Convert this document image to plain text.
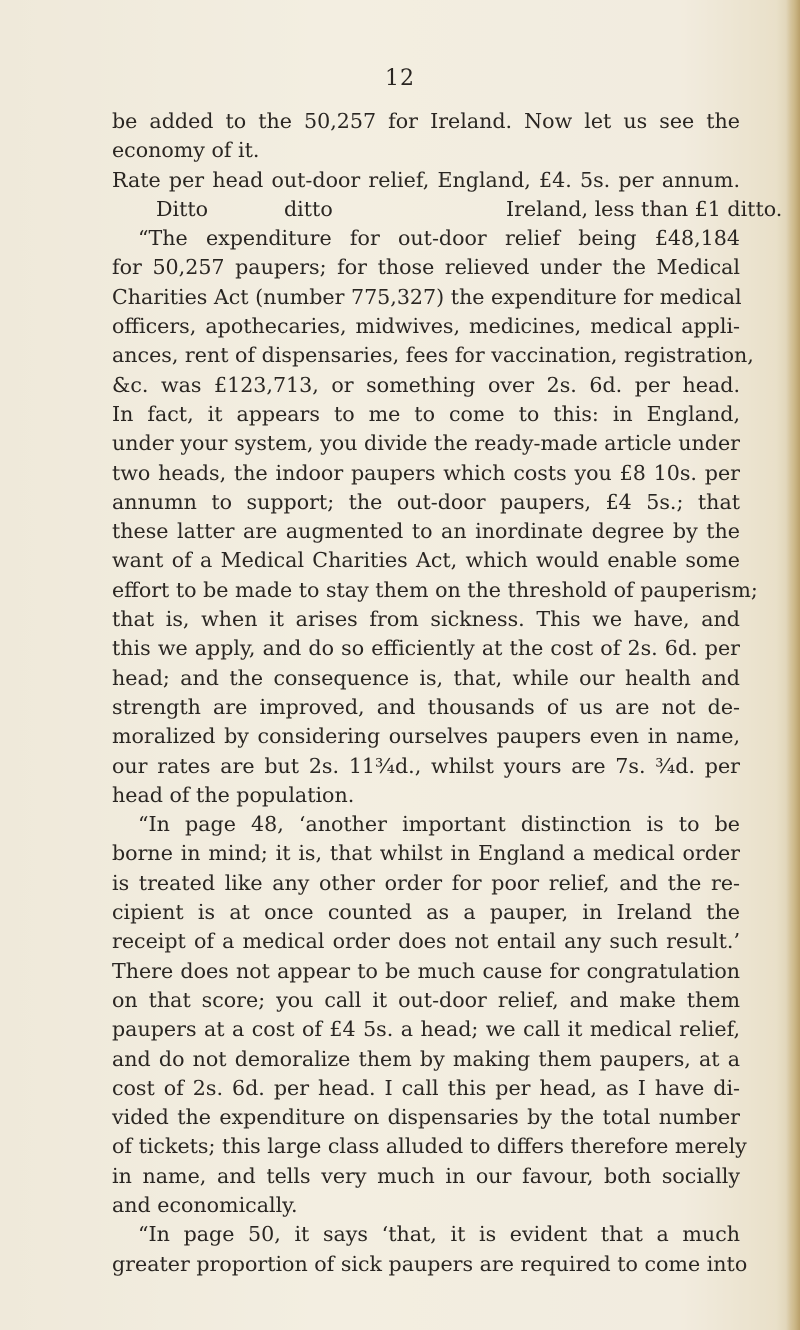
12
be added to the 50,257 for Ireland. Now let us see the
economy of it.
Rate per head out-door relief, England, £4. 5s. per annum.
Ditto	ditto	Ireland, less than £1 ditto.
“The expenditure for out-door relief being £48,184
for 50,257 paupers; for those relieved under the Medical
Charities Act (number 775,327) the expenditure for medical
officers, apothecaries, midwives, medicines, medical appli-
ances, rent of dispensaries, fees for vaccination, registration,
&c. was £123,713, or something over 2s. 6d. per head.
In fact, it appears to me to come to this: in England,
under your system, you divide the ready-made article under
two heads, the indoor paupers which costs you £8 10s. per
annumn to support; the out-door paupers, £4 5s.; that
these latter are augmented to an inordinate degree by the
want of a Medical Charities Act, which would enable some
effort to be made to stay them on the threshold of pauperism;
that is, when it arises from sickness. This we have, and
this we apply, and do so efficiently at the cost of 2s. 6d. per
head; and the consequence is, that, while our health and
strength are improved, and thousands of us are not de-
moralized by considering ourselves paupers even in name,
our rates are but 2s. 11¾d., whilst yours are 7s. ¾d. per
head of the population.
“In page 48, ‘another important distinction is to be
borne in mind; it is, that whilst in England a medical order
is treated like any other order for poor relief, and the re-
cipient is at once counted as a pauper, in Ireland the
receipt of a medical order does not entail any such result.’
There does not appear to be much cause for congratulation
on that score; you call it out-door relief, and make them
paupers at a cost of £4 5s. a head; we call it medical relief,
and do not demoralize them by making them paupers, at a
cost of 2s. 6d. per head. I call this per head, as I have di-
vided the expenditure on dispensaries by the total number
of tickets; this large class alluded to differs therefore merely
in name, and tells very much in our favour, both socially
and economically.
“In page 50, it says ‘that, it is evident that a much
greater proportion of sick paupers are required to come into
